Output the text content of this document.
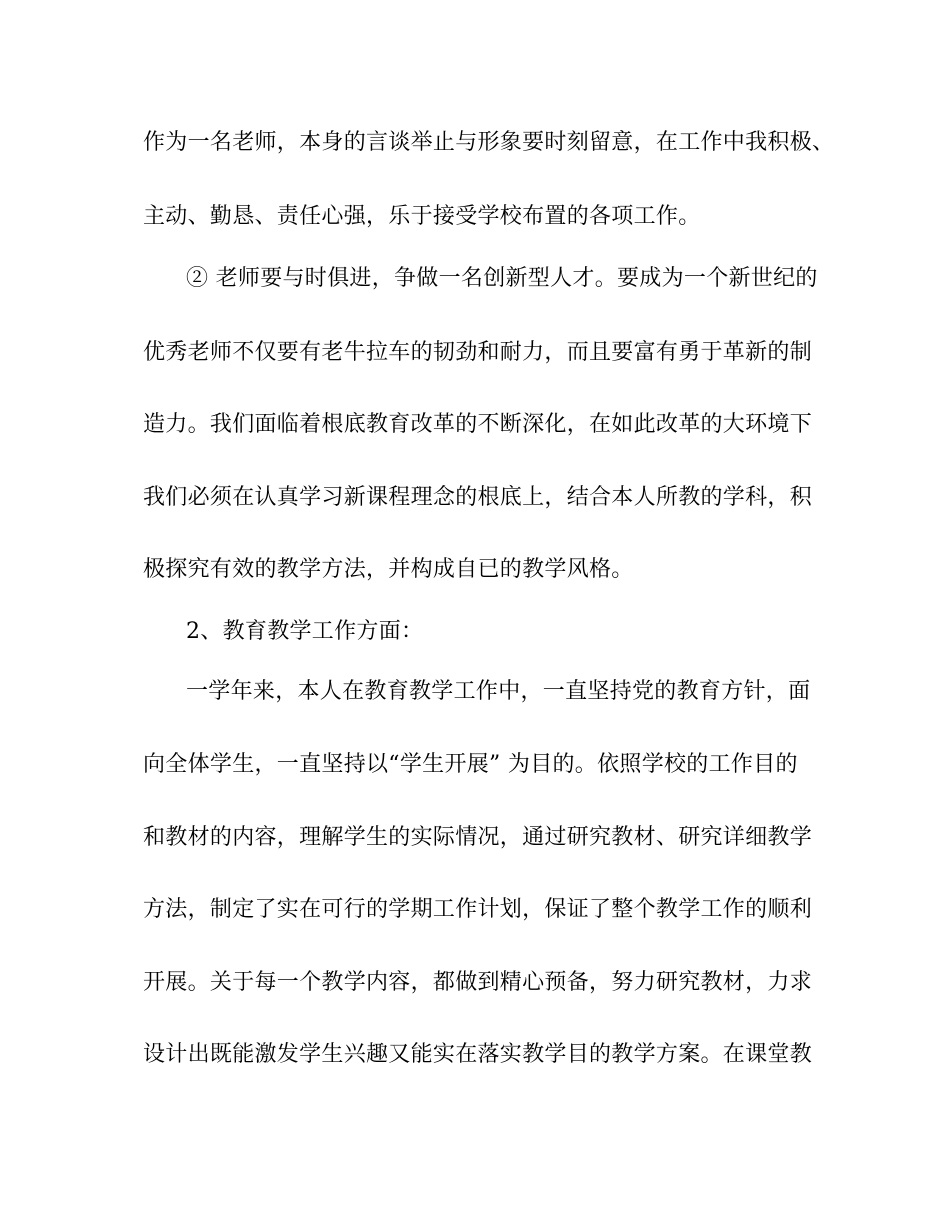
作为一名老师，本身的言谈举止与形象要时刻留意，在工作中我积极、
主动、勤恳、责任心强，乐于接受学校布置的各项工作。
② 老师要与时俱进，争做一名创新型人才。要成为一个新世纪的
优秀老师不仅要有老牛拉车的韧劲和耐力，而且要富有勇于革新的制
造力。我们面临着根底教育改革的不断深化，在如此改革的大环境下
我们必须在认真学习新课程理念的根底上，结合本人所教的学科，积
极探究有效的教学方法，并构成自已的教学风格。
2、教育教学工作方面：
一学年来，本人在教育教学工作中，一直坚持党的教育方针，面
向全体学生，一直坚持以“学生开展” 为目的。依照学校的工作目的
和教材的内容，理解学生的实际情况，通过研究教材、研究详细教学
方法，制定了实在可行的学期工作计划，保证了整个教学工作的顺利
开展。关于每一个教学内容，都做到精心预备，努力研究教材，力求
设计出既能激发学生兴趣又能实在落实教学目的教学方案。在课堂教
